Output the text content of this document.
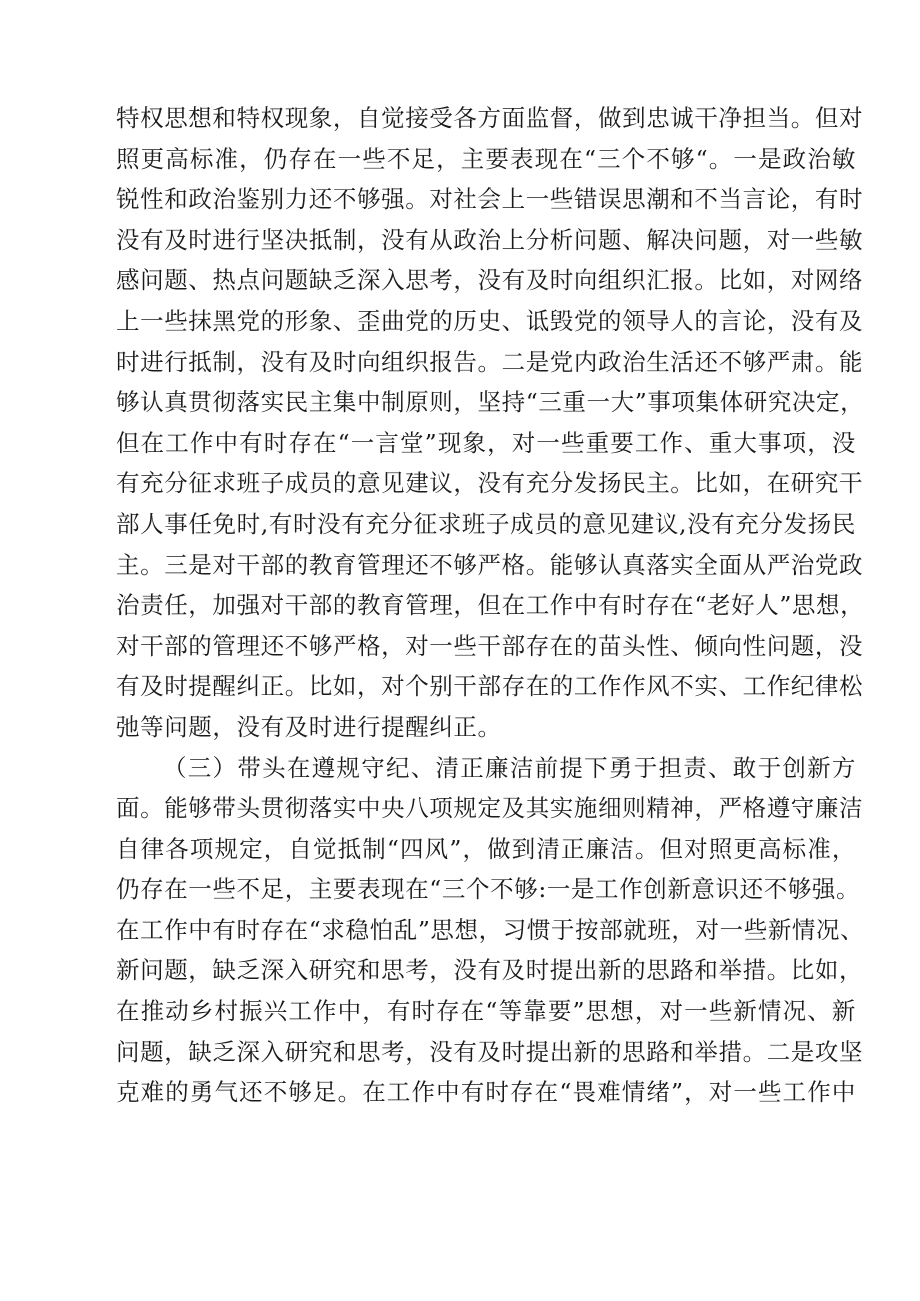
特权思想和特权现象，自觉接受各方面监督，做到忠诚干净担当。但对
照更高标准，仍存在一些不足，主要表现在“三个不够“。一是政治敏
锐性和政治鉴别力还不够强。对社会上一些错误思潮和不当言论，有时
没有及时进行坚决抵制，没有从政治上分析问题、解决问题，对一些敏
感问题、热点问题缺乏深入思考，没有及时向组织汇报。比如，对网络
上一些抹黑党的形象、歪曲党的历史、诋毁党的领导人的言论，没有及
时进行抵制，没有及时向组织报告。二是党内政治生活还不够严肃。能
够认真贯彻落实民主集中制原则，坚持“三重一大”事项集体研究决定，
但在工作中有时存在“一言堂”现象，对一些重要工作、重大事项，没
有充分征求班子成员的意见建议，没有充分发扬民主。比如，在研究干
部人事任免时,有时没有充分征求班子成员的意见建议,没有充分发扬民
主。三是对干部的教育管理还不够严格。能够认真落实全面从严治党政
治责任，加强对干部的教育管理，但在工作中有时存在“老好人”思想，
对干部的管理还不够严格，对一些干部存在的苗头性、倾向性问题，没
有及时提醒纠正。比如，对个别干部存在的工作作风不实、工作纪律松
弛等问题，没有及时进行提醒纠正。
（三）带头在遵规守纪、清正廉洁前提下勇于担责、敢于创新方
面。能够带头贯彻落实中央八项规定及其实施细则精神，严格遵守廉洁
自律各项规定，自觉抵制“四风”，做到清正廉洁。但对照更高标准，
仍存在一些不足，主要表现在“三个不够:一是工作创新意识还不够强。
在工作中有时存在“求稳怕乱”思想，习惯于按部就班，对一些新情况、
新问题，缺乏深入研究和思考，没有及时提出新的思路和举措。比如，
在推动乡村振兴工作中，有时存在“等靠要”思想，对一些新情况、新
问题，缺乏深入研究和思考，没有及时提出新的思路和举措。二是攻坚
克难的勇气还不够足。在工作中有时存在“畏难情绪”，对一些工作中
